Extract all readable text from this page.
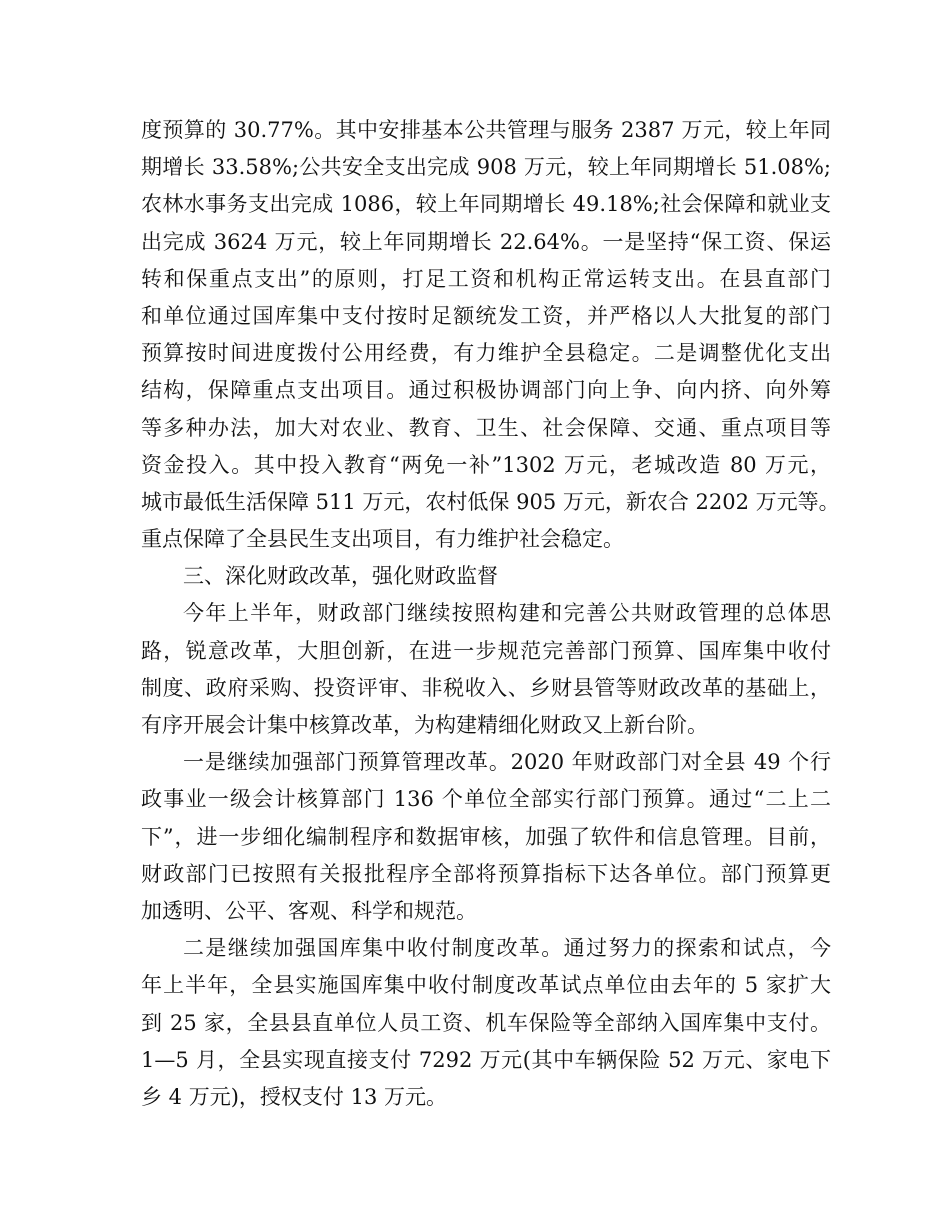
度预算的 30.77%。其中安排基本公共管理与服务 2387 万元，较上年同
期增长 33.58%;公共安全支出完成 908 万元，较上年同期增长 51.08%;
农林水事务支出完成 1086，较上年同期增长 49.18%;社会保障和就业支
出完成 3624 万元，较上年同期增长 22.64%。一是坚持“保工资、保运
转和保重点支出”的原则，打足工资和机构正常运转支出。在县直部门
和单位通过国库集中支付按时足额统发工资，并严格以人大批复的部门
预算按时间进度拨付公用经费，有力维护全县稳定。二是调整优化支出
结构，保障重点支出项目。通过积极协调部门向上争、向内挤、向外筹
等多种办法，加大对农业、教育、卫生、社会保障、交通、重点项目等
资金投入。其中投入教育“两免一补”1302 万元，老城改造 80 万元，
城市最低生活保障 511 万元，农村低保 905 万元，新农合 2202 万元等。
重点保障了全县民生支出项目，有力维护社会稳定。
三、深化财政改革，强化财政监督
今年上半年，财政部门继续按照构建和完善公共财政管理的总体思
路，锐意改革，大胆创新，在进一步规范完善部门预算、国库集中收付
制度、政府采购、投资评审、非税收入、乡财县管等财政改革的基础上，
有序开展会计集中核算改革，为构建精细化财政又上新台阶。
一是继续加强部门预算管理改革。2020 年财政部门对全县 49 个行
政事业一级会计核算部门 136 个单位全部实行部门预算。通过“二上二
下”，进一步细化编制程序和数据审核，加强了软件和信息管理。目前，
财政部门已按照有关报批程序全部将预算指标下达各单位。部门预算更
加透明、公平、客观、科学和规范。
二是继续加强国库集中收付制度改革。通过努力的探索和试点，今
年上半年，全县实施国库集中收付制度改革试点单位由去年的 5 家扩大
到 25 家，全县县直单位人员工资、机车保险等全部纳入国库集中支付。
1—5 月，全县实现直接支付 7292 万元(其中车辆保险 52 万元、家电下
乡 4 万元)，授权支付 13 万元。
